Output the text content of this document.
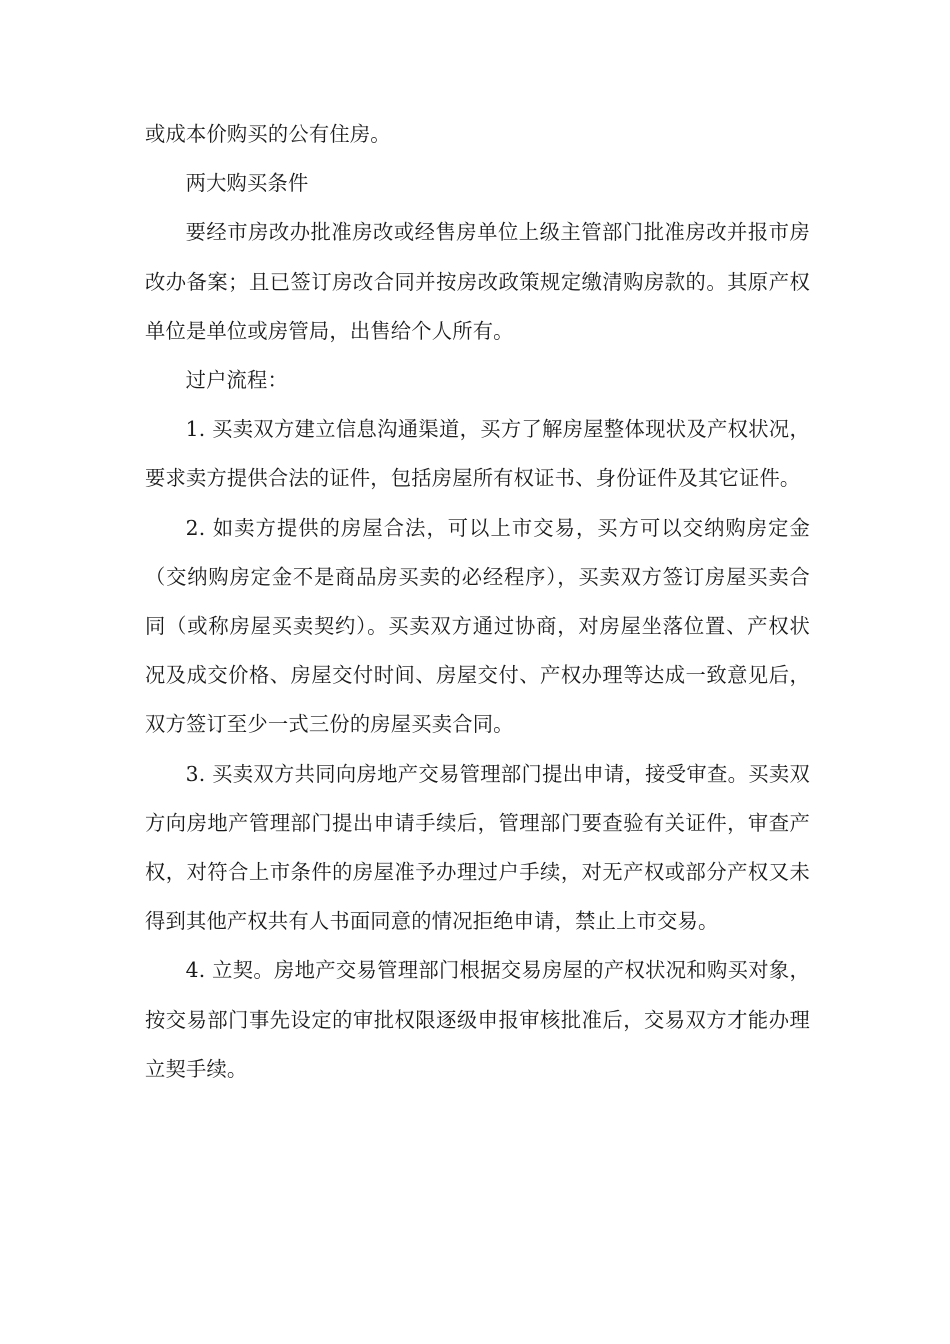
或成本价购买的公有住房。

两大购买条件

要经市房改办批准房改或经售房单位上级主管部门批准房改并报市房改办备案；且已签订房改合同并按房改政策规定缴清购房款的。其原产权单位是单位或房管局，出售给个人所有。

过户流程：

1. 买卖双方建立信息沟通渠道，买方了解房屋整体现状及产权状况，要求卖方提供合法的证件，包括房屋所有权证书、身份证件及其它证件。

2. 如卖方提供的房屋合法，可以上市交易，买方可以交纳购房定金（交纳购房定金不是商品房买卖的必经程序），买卖双方签订房屋买卖合同（或称房屋买卖契约）。买卖双方通过协商，对房屋坐落位置、产权状况及成交价格、房屋交付时间、房屋交付、产权办理等达成一致意见后，双方签订至少一式三份的房屋买卖合同。

3. 买卖双方共同向房地产交易管理部门提出申请，接受审查。买卖双方向房地产管理部门提出申请手续后，管理部门要查验有关证件，审查产权，对符合上市条件的房屋准予办理过户手续，对无产权或部分产权又未得到其他产权共有人书面同意的情况拒绝申请，禁止上市交易。

4. 立契。房地产交易管理部门根据交易房屋的产权状况和购买对象，按交易部门事先设定的审批权限逐级申报审核批准后，交易双方才能办理立契手续。
